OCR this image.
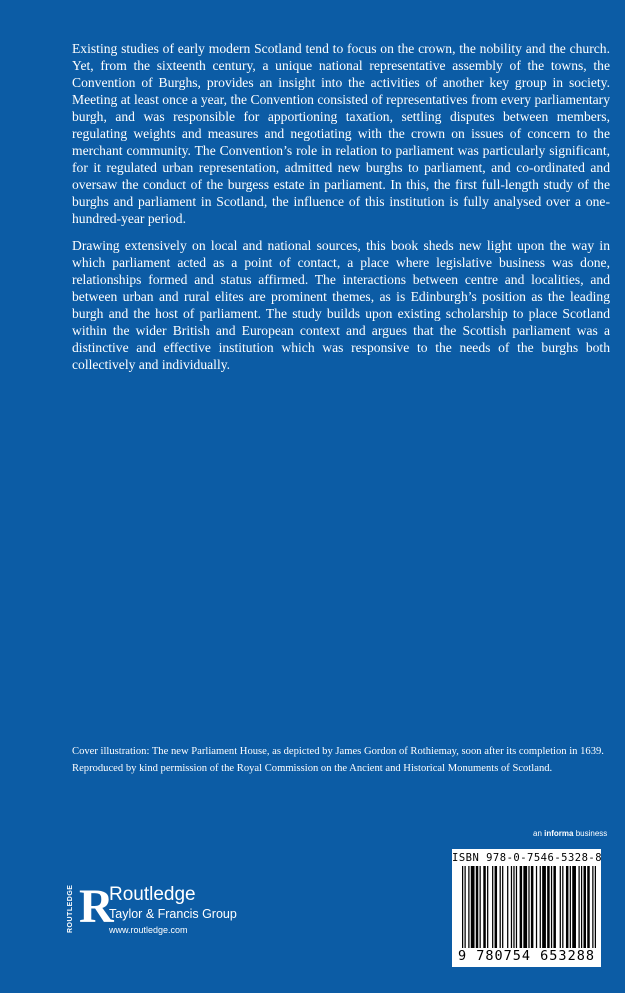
Existing studies of early modern Scotland tend to focus on the crown, the nobility and the church. Yet, from the sixteenth century, a unique national representative assembly of the towns, the Convention of Burghs, provides an insight into the activities of another key group in society. Meeting at least once a year, the Convention consisted of representatives from every parliamentary burgh, and was responsible for apportioning taxation, settling disputes between members, regulating weights and measures and negotiating with the crown on issues of concern to the merchant community. The Convention’s role in relation to parliament was particularly significant, for it regulated urban representation, admitted new burghs to parliament, and co-ordinated and oversaw the conduct of the burgess estate in parliament. In this, the first full-length study of the burghs and parliament in Scotland, the influence of this institution is fully analysed over a one-hundred-year period.

Drawing extensively on local and national sources, this book sheds new light upon the way in which parliament acted as a point of contact, a place where legislative business was done, relationships formed and status affirmed. The interactions between centre and localities, and between urban and rural elites are prominent themes, as is Edinburgh’s position as the leading burgh and the host of parliament. The study builds upon existing scholarship to place Scotland within the wider British and European context and argues that the Scottish parliament was a distinctive and effective institution which was responsive to the needs of the burghs both collectively and individually.

Cover illustration: The new Parliament House, as depicted by James Gordon of Rothiemay, soon after its completion in 1639.

Reproduced by kind permission of the Royal Commission on the Ancient and Historical Monuments of Scotland.

an informa business
ROUTLEDGE R
Routledge
Taylor & Francis Group
www.routledge.com
ISBN 978-0-7546-5328-8
9 780754 653288
